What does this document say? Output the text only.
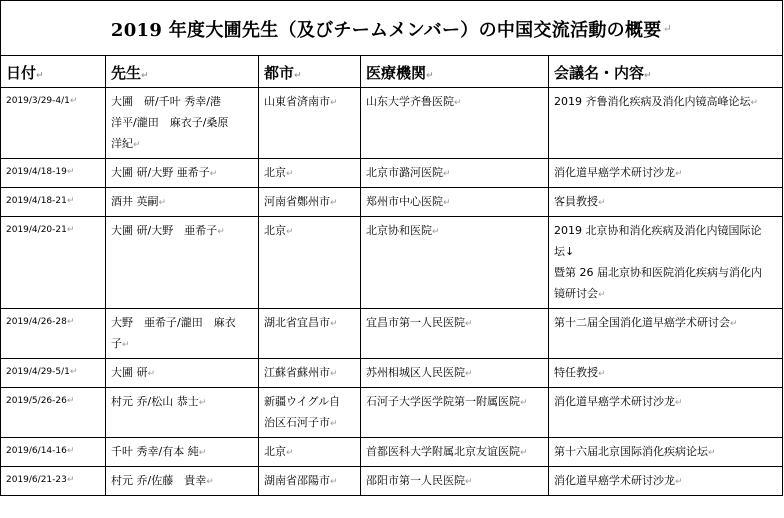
2019 年度大圃先生（及びチームメンバー）の中国交流活動の概要 ↵
日付↵	先生↵	都市↵	医療機関↵	会議名・内容↵
2019/3/29-4/1↵	大圃　研/千叶 秀幸/港
洋平/瀧田　麻衣子/桑原
洋紀↵	山東省済南市↵	山东大学齐鲁医院↵	2019 齐鲁消化疾病及消化内镜高峰论坛↵
2019/4/18-19↵	大圃 研/大野 亜希子↵	北京↵	北京市潞河医院↵	消化道早癌学术研讨沙龙↵
2019/4/18-21↵	酒井 英嗣↵	河南省鄭州市↵	郑州市中心医院↵	客員教授↵
2019/4/20-21↵	大圃 研/大野　亜希子↵	北京↵	北京协和医院↵	2019 北京协和消化疾病及消化内镜国际论
坛↓
暨第 26 届北京协和医院消化疾病与消化内
镜研讨会↵
2019/4/26-28↵	大野　亜希子/瀧田　麻衣
子↵	湖北省宜昌市↵	宜昌市第一人民医院↵	第十二届全国消化道早癌学术研讨会↵
2019/4/29-5/1↵	大圃 研↵	江蘇省蘇州市↵	苏州相城区人民医院↵	特任教授↵
2019/5/26-26↵	村元 乔/松山 恭士↵	新疆ウイグル自
治区石河子市↵	石河子大学医学院第一附属医院↵	消化道早癌学术研讨沙龙↵
2019/6/14-16↵	千叶 秀幸/有本 純↵	北京↵	首都医科大学附属北京友谊医院↵	第十六届北京国际消化疾病论坛↵
2019/6/21-23↵	村元 乔/佐藤　貴幸↵	湖南省邵陽市↵	邵阳市第一人民医院↵	消化道早癌学术研讨沙龙↵
